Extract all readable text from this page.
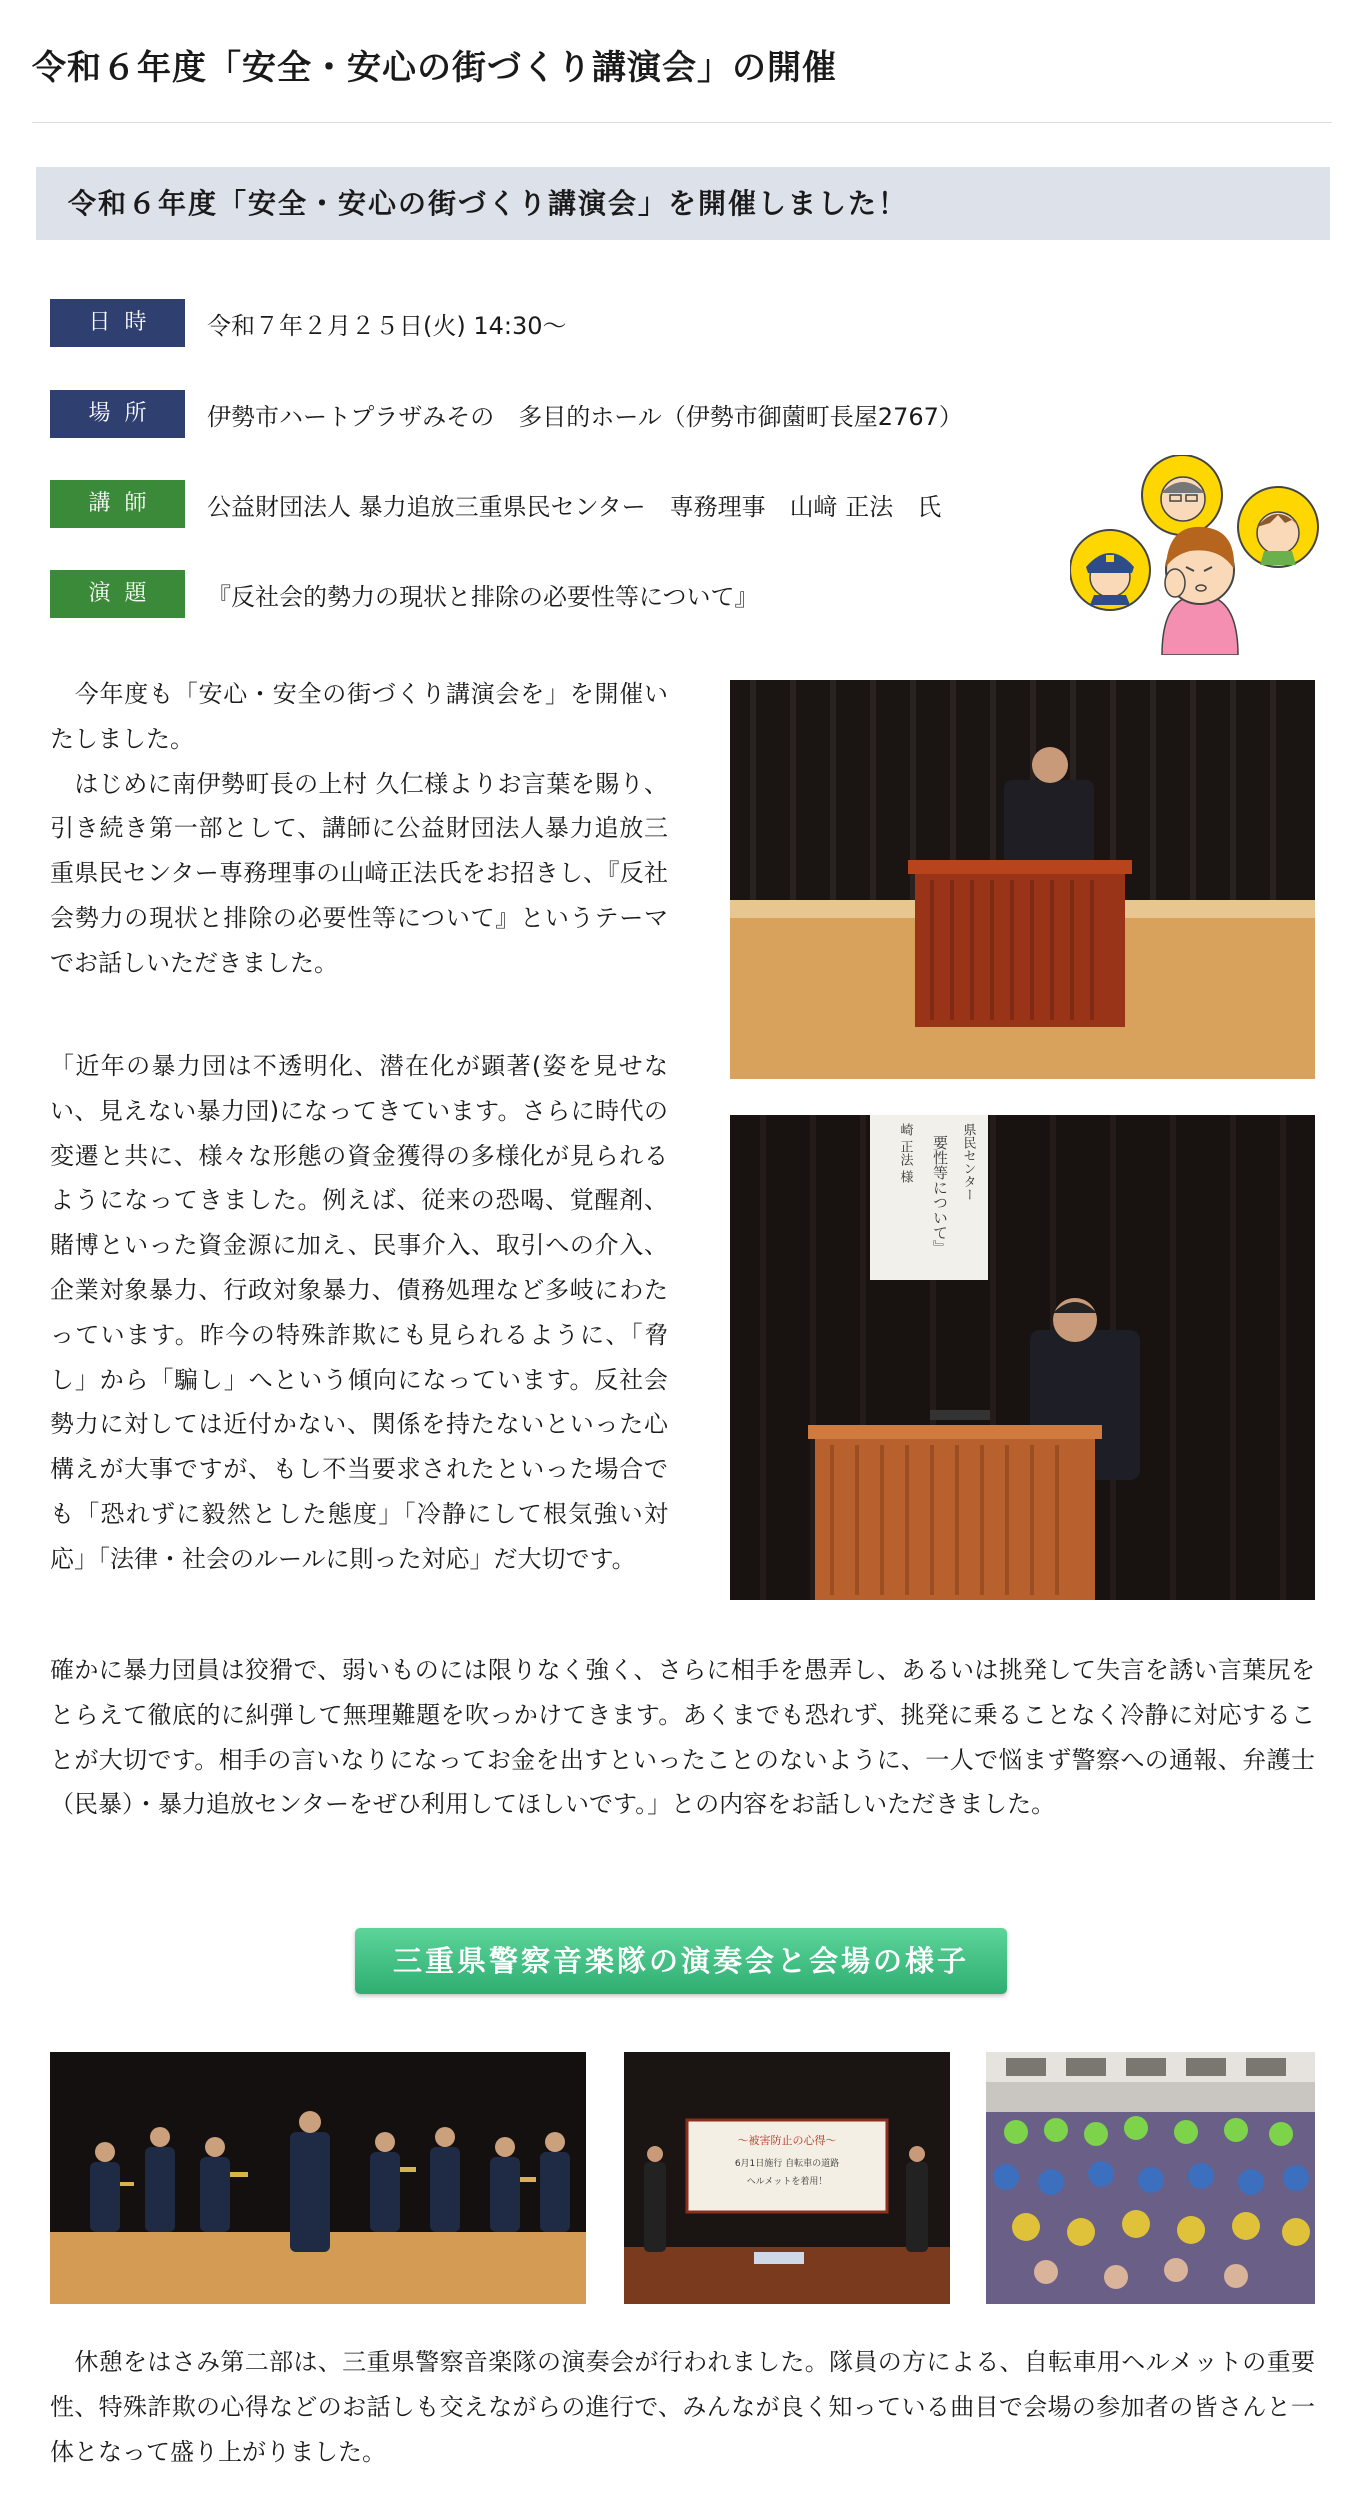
令和６年度「安全・安心の街づくり講演会」の開催
令和６年度「安全・安心の街づくり講演会」を開催しました！
日時	令和７年２月２５日(火) 14:30～
場所	伊勢市ハートプラザみその　多目的ホール（伊勢市御薗町長屋2767）
講師	公益財団法人 暴力追放三重県民センター　専務理事　山﨑 正法　氏
演題	『反社会的勢力の現状と排除の必要性等について』

　今年度も「安心・安全の街づくり講演会を」を開催いたしました。
　はじめに南伊勢町長の上村 久仁様よりお言葉を賜り、引き続き第一部として、講師に公益財団法人暴力追放三重県民センター専務理事の山﨑正法氏をお招きし、『反社会勢力の現状と排除の必要性等について』というテーマでお話しいただきました。

「近年の暴力団は不透明化、潜在化が顕著(姿を見せない、見えない暴力団)になってきています。さらに時代の変遷と共に、様々な形態の資金獲得の多様化が見られるようになってきました。例えば、従来の恐喝、覚醒剤、賭博といった資金源に加え、民事介入、取引への介入、企業対象暴力、行政対象暴力、債務処理など多岐にわたっています。昨今の特殊詐欺にも見られるように、「脅し」から「騙し」へという傾向になっています。反社会勢力に対しては近付かない、関係を持たないといった心構えが大事ですが、もし不当要求されたといった場合でも「恐れずに毅然とした態度」「冷静にして根気強い対応」「法律・社会のルールに則った対応」だ大切です。

要性等について』
崎 正法 様	県民センター

確かに暴力団員は狡猾で、弱いものには限りなく強く、さらに相手を愚弄し、あるいは挑発して失言を誘い言葉尻をとらえて徹底的に糾弾して無理難題を吹っかけてきます。あくまでも恐れず、挑発に乗ることなく冷静に対応することが大切です。相手の言いなりになってお金を出すといったことのないように、一人で悩まず警察への通報、弁護士（民暴）・暴力追放センターをぜひ利用してほしいです。」との内容をお話しいただきました。

三重県警察音楽隊の演奏会と会場の様子
～被害防止の心得～
6月1日施行 自転車の道路
ヘルメットを着用！

　休憩をはさみ第二部は、三重県警察音楽隊の演奏会が行われました。隊員の方による、自転車用ヘルメットの重要性、特殊詐欺の心得などのお話しも交えながらの進行で、みんなが良く知っている曲目で会場の参加者の皆さんと一体となって盛り上がりました。
